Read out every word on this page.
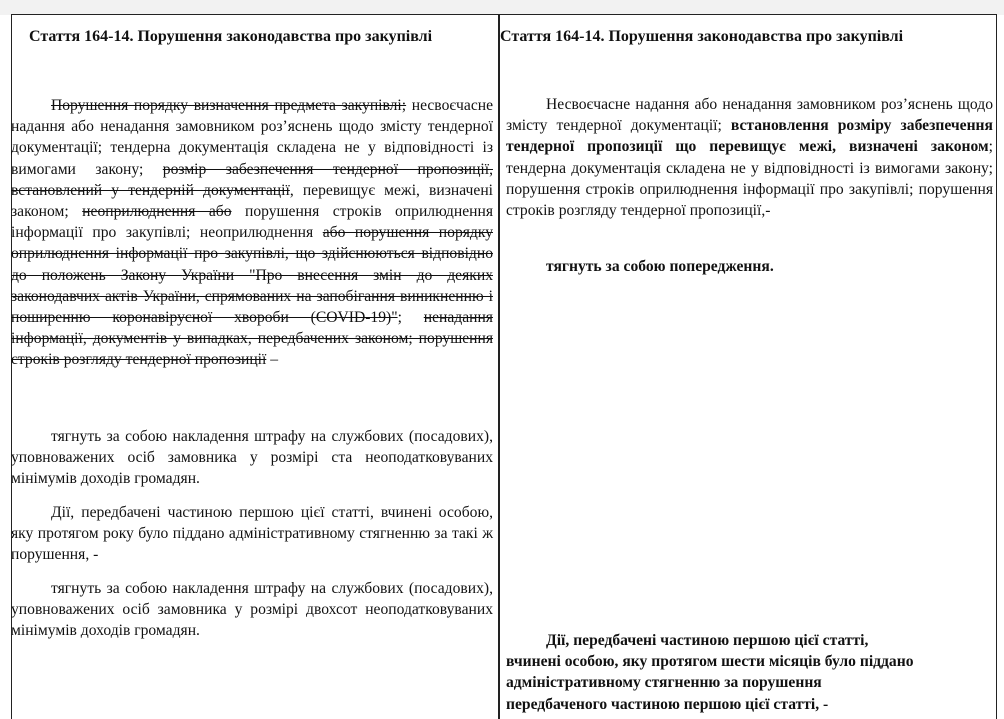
Стаття 164-14. Порушення законодавства про закупівлі
Порушення порядку визначення предмета закупівлі; несвоєчасне надання або ненадання замовником роз’яснень щодо змісту тендерної документації; тендерна документація складена не у відповідності із вимогами закону; розмір забезпечення тендерної пропозиції, встановлений у тендерній документації, перевищує межі, визначені законом; неоприлюднення або порушення строків оприлюднення інформації про закупівлі; неоприлюднення або порушення порядку оприлюднення інформації про закупівлі, що здійснюються відповідно до положень Закону України "Про внесення змін до деяких законодавчих актів України, спрямованих на запобігання виникненню і поширенню коронавірусної хвороби (COVID-19)"; ненадання інформації, документів у випадках, передбачених законом; порушення строків розгляду тендерної пропозиції –
тягнуть за собою накладення штрафу на службових (посадових), уповноважених осіб замовника у розмірі ста неоподатковуваних мінімумів доходів громадян.
Дії, передбачені частиною першою цієї статті, вчинені особою, яку протягом року було піддано адміністративному стягненню за такі ж порушення, -
тягнуть за собою накладення штрафу на службових (посадових), уповноважених осіб замовника у розмірі двохсот неоподатковуваних мінімумів доходів громадян.
Стаття 164-14. Порушення законодавства про закупівлі
Несвоєчасне надання або ненадання замовником роз’яснень щодо змісту тендерної документації; встановлення розміру забезпечення тендерної пропозиції що перевищує межі, визначені законом; тендерна документація складена не у відповідності із вимогами закону; порушення строків оприлюднення інформації про закупівлі; порушення строків розгляду тендерної пропозиції,-
тягнуть за собою попередження.
Дії, передбачені частиною першою цієї статті,
вчинені особою, яку протягом шести місяців було піддано
адміністративному стягненню за порушення
передбаченого частиною першою цієї статті, -
